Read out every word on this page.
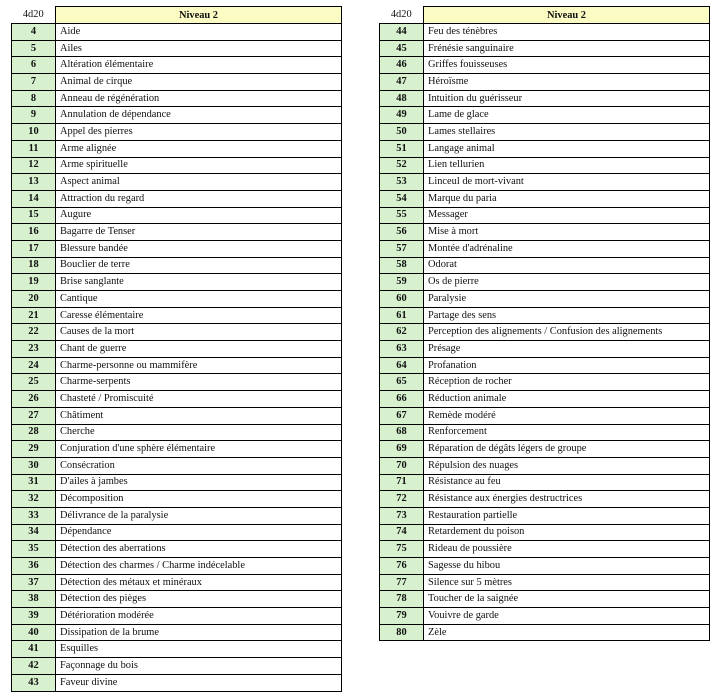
4d20	Niveau 2
4	Aide
5	Ailes
6	Altération élémentaire
7	Animal de cirque
8	Anneau de régénération
9	Annulation de dépendance
10	Appel des pierres
11	Arme alignée
12	Arme spirituelle
13	Aspect animal
14	Attraction du regard
15	Augure
16	Bagarre de Tenser
17	Blessure bandée
18	Bouclier de terre
19	Brise sanglante
20	Cantique
21	Caresse élémentaire
22	Causes de la mort
23	Chant de guerre
24	Charme-personne ou mammifère
25	Charme-serpents
26	Chasteté / Promiscuité
27	Châtiment
28	Cherche
29	Conjuration d'une sphère élémentaire
30	Consécration
31	D'ailes à jambes
32	Décomposition
33	Délivrance de la paralysie
34	Dépendance
35	Détection des aberrations
36	Détection des charmes / Charme indécelable
37	Détection des métaux et minéraux
38	Détection des pièges
39	Détérioration modérée
40	Dissipation de la brume
41	Esquilles
42	Façonnage du bois
43	Faveur divine
4d20	Niveau 2
44	Feu des ténèbres
45	Frénésie sanguinaire
46	Griffes fouisseuses
47	Héroïsme
48	Intuition du guérisseur
49	Lame de glace
50	Lames stellaires
51	Langage animal
52	Lien tellurien
53	Linceul de mort-vivant
54	Marque du paria
55	Messager
56	Mise à mort
57	Montée d'adrénaline
58	Odorat
59	Os de pierre
60	Paralysie
61	Partage des sens
62	Perception des alignements / Confusion des alignements
63	Présage
64	Profanation
65	Réception de rocher
66	Réduction animale
67	Remède modéré
68	Renforcement
69	Réparation de dégâts légers de groupe
70	Répulsion des nuages
71	Résistance au feu
72	Résistance aux énergies destructrices
73	Restauration partielle
74	Retardement du poison
75	Rideau de poussière
76	Sagesse du hibou
77	Silence sur 5 mètres
78	Toucher de la saignée
79	Vouivre de garde
80	Zèle
